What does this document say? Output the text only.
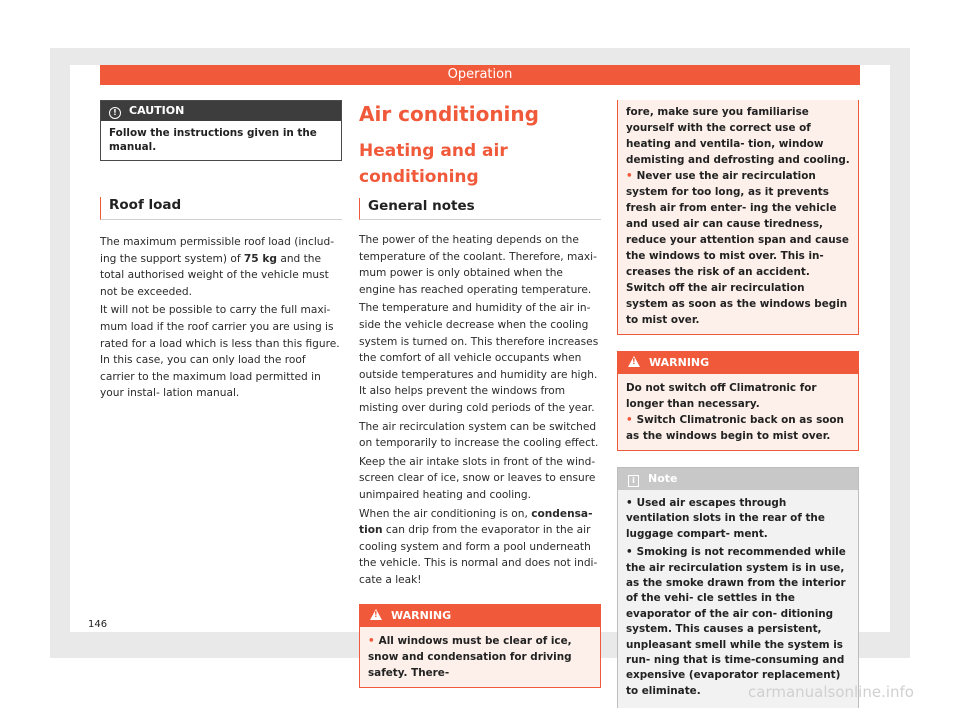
Operation
! CAUTION
Follow the instructions given in the manual.
Roof load

The maximum permissible roof load (includ- ing the support system) of 75 kg and the total authorised weight of the vehicle must not be exceeded.

It will not be possible to carry the full maxi- mum load if the roof carrier you are using is rated for a load which is less than this figure. In this case, you can only load the roof carrier to the maximum load permitted in your instal- lation manual.

Air conditioning
Heating and air conditioning
General notes

The power of the heating depends on the temperature of the coolant. Therefore, maxi- mum power is only obtained when the engine has reached operating temperature.

The temperature and humidity of the air in- side the vehicle decrease when the cooling system is turned on. This therefore increases the comfort of all vehicle occupants when outside temperatures and humidity are high. It also helps prevent the windows from misting over during cold periods of the year.

The air recirculation system can be switched on temporarily to increase the cooling effect.

Keep the air intake slots in front of the wind- screen clear of ice, snow or leaves to ensure unimpaired heating and cooling.

When the air conditioning is on, condensa- tion can drip from the evaporator in the air cooling system and form a pool underneath the vehicle. This is normal and does not indi- cate a leak!

!WARNING
• All windows must be clear of ice, snow and condensation for driving safety. There-
fore, make sure you familiarise yourself with the correct use of heating and ventila- tion, window demisting and defrosting and cooling.
• Never use the air recirculation system for too long, as it prevents fresh air from enter- ing the vehicle and used air can cause tiredness, reduce your attention span and cause the windows to mist over. This in- creases the risk of an accident. Switch off the air recirculation system as soon as the windows begin to mist over.
!WARNING
Do not switch off Climatronic for longer than necessary.
• Switch Climatronic back on as soon as the windows begin to mist over.
i Note

• Used air escapes through ventilation slots in the rear of the luggage compart- ment.

• Smoking is not recommended while the air recirculation system is in use, as the smoke drawn from the interior of the vehi- cle settles in the evaporator of the air con- ditioning system. This causes a persistent, unpleasant smell while the system is run- ning that is time-consuming and expensive (evaporator replacement) to eliminate.

146
carmanualsonline.info
